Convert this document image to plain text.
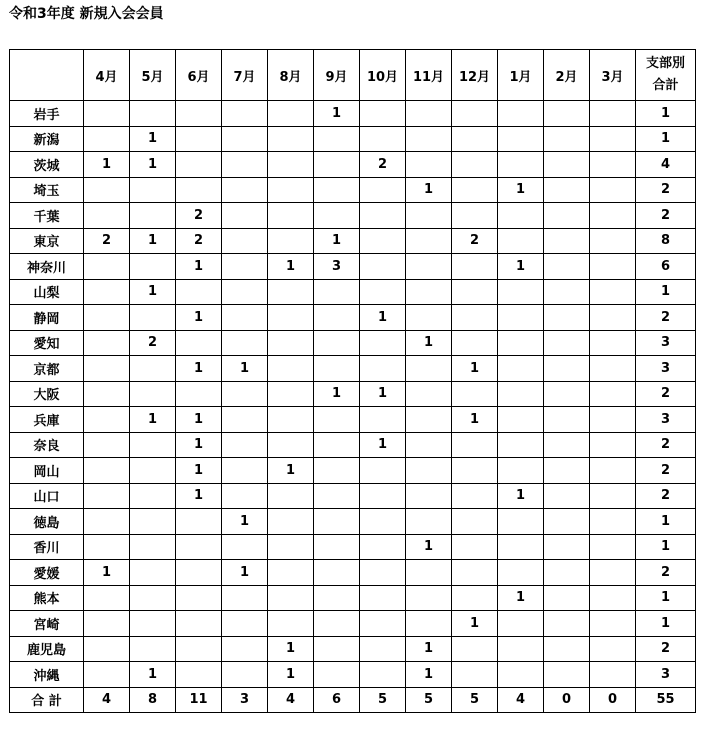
令和3年度 新規入会会員
	4月	5月	6月	7月	8月	9月	10月	11月	12月	1月	2月	3月	支部別
合計

岩手						1							1
新潟		1											1
茨城	1	1					2						4
埼玉								1		1			2
千葉			2										2
東京	2	1	2			1			2				8
神奈川			1		1	3				1			6
山梨		1											1
静岡			1				1						2
愛知		2						1					3
京都			1	1					1				3
大阪						1	1						2
兵庫		1	1						1				3
奈良			1				1						2
岡山			1		1								2
山口			1							1			2
徳島				1									1
香川								1					1
愛媛	1			1									2
熊本										1			1
宮崎									1				1
鹿児島					1			1					2
沖縄		1			1			1					3
合 計	4	8	11	3	4	6	5	5	5	4	0	0	55
